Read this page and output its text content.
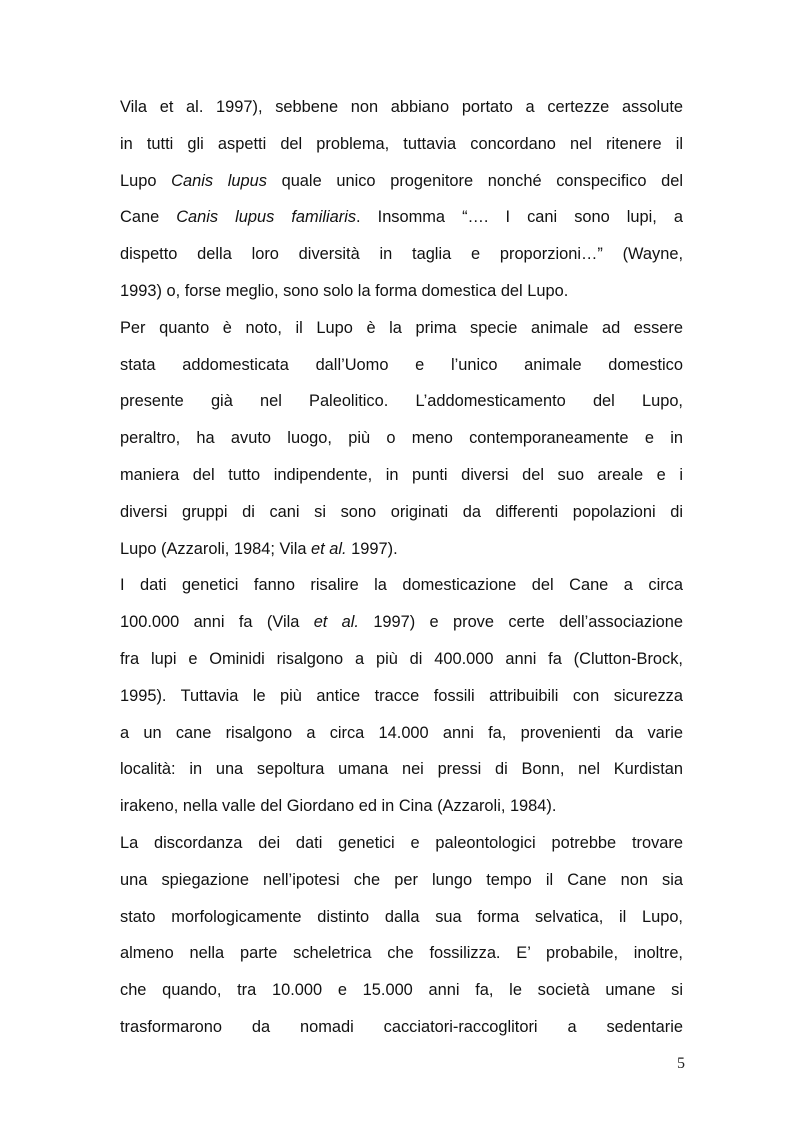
Vila et al. 1997), sebbene non abbiano portato a certezze assolute
in tutti gli aspetti del problema, tuttavia concordano nel ritenere il
Lupo Canis lupus quale unico progenitore nonché conspecifico del
Cane Canis lupus familiaris. Insomma “…. I cani sono lupi, a
dispetto della loro diversità in taglia e proporzioni…” (Wayne,
1993) o, forse meglio, sono solo la forma domestica del Lupo.
Per quanto è noto, il Lupo è la prima specie animale ad essere
stata addomesticata dall’Uomo e l’unico animale domestico
presente già nel Paleolitico. L’addomesticamento del Lupo,
peraltro, ha avuto luogo, più o meno contemporaneamente e in
maniera del tutto indipendente, in punti diversi del suo areale e i
diversi gruppi di cani si sono originati da differenti popolazioni di
Lupo (Azzaroli, 1984; Vila et al. 1997).
I dati genetici fanno risalire la domesticazione del Cane a circa
100.000 anni fa (Vila et al. 1997) e prove certe dell’associazione
fra lupi e Ominidi risalgono a più di 400.000 anni fa (Clutton-Brock,
1995). Tuttavia le più antice tracce fossili attribuibili con sicurezza
a un cane risalgono a circa 14.000 anni fa, provenienti da varie
località: in una sepoltura umana nei pressi di Bonn, nel Kurdistan
irakeno, nella valle del Giordano ed in Cina (Azzaroli, 1984).
La discordanza dei dati genetici e paleontologici potrebbe trovare
una spiegazione nell’ipotesi che per lungo tempo il Cane non sia
stato morfologicamente distinto dalla sua forma selvatica, il Lupo,
almeno nella parte scheletrica che fossilizza. E’ probabile, inoltre,
che quando, tra 10.000 e 15.000 anni fa, le società umane si
trasformarono da nomadi cacciatori-raccoglitori a sedentarie
5
